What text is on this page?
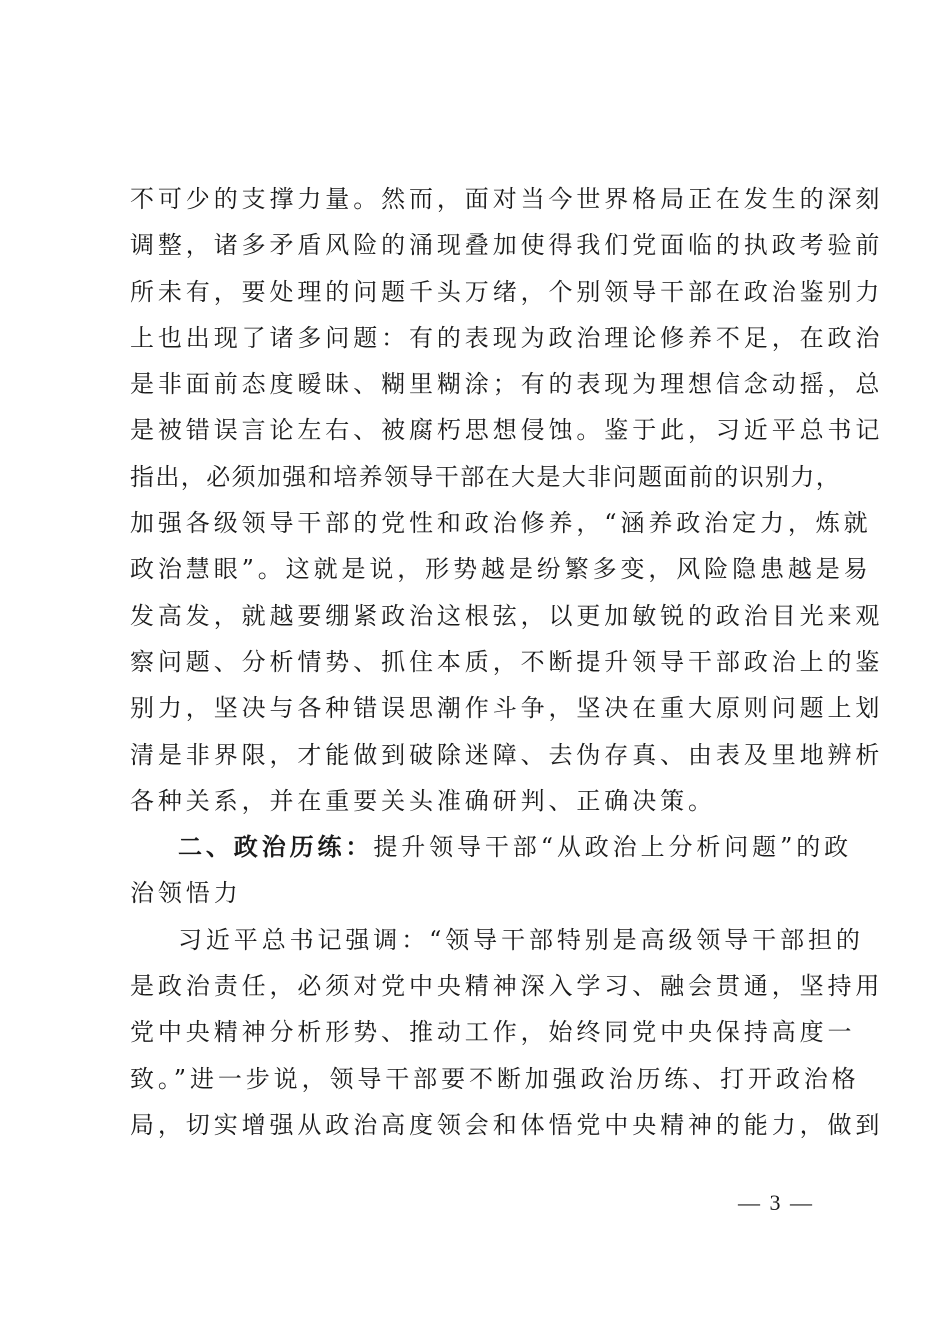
不可少的支撑力量。然而，面对当今世界格局正在发生的深刻
调整，诸多矛盾风险的涌现叠加使得我们党面临的执政考验前
所未有，要处理的问题千头万绪，个别领导干部在政治鉴别力
上也出现了诸多问题：有的表现为政治理论修养不足，在政治
是非面前态度暧昧、糊里糊涂；有的表现为理想信念动摇，总
是被错误言论左右、被腐朽思想侵蚀。鉴于此，习近平总书记
指出，必须加强和培养领导干部在大是大非问题面前的识别力，
加强各级领导干部的党性和政治修养，“涵养政治定力，炼就
政治慧眼”。这就是说，形势越是纷繁多变，风险隐患越是易
发高发，就越要绷紧政治这根弦，以更加敏锐的政治目光来观
察问题、分析情势、抓住本质，不断提升领导干部政治上的鉴
别力，坚决与各种错误思潮作斗争，坚决在重大原则问题上划
清是非界限，才能做到破除迷障、去伪存真、由表及里地辨析
各种关系，并在重要关头准确研判、正确决策。
二、政治历练：提升领导干部“从政治上分析问题”的政
治领悟力
习近平总书记强调：“领导干部特别是高级领导干部担的
是政治责任，必须对党中央精神深入学习、融会贯通，坚持用
党中央精神分析形势、推动工作，始终同党中央保持高度一
致。”进一步说，领导干部要不断加强政治历练、打开政治格
局，切实增强从政治高度领会和体悟党中央精神的能力，做到
— 3 —
